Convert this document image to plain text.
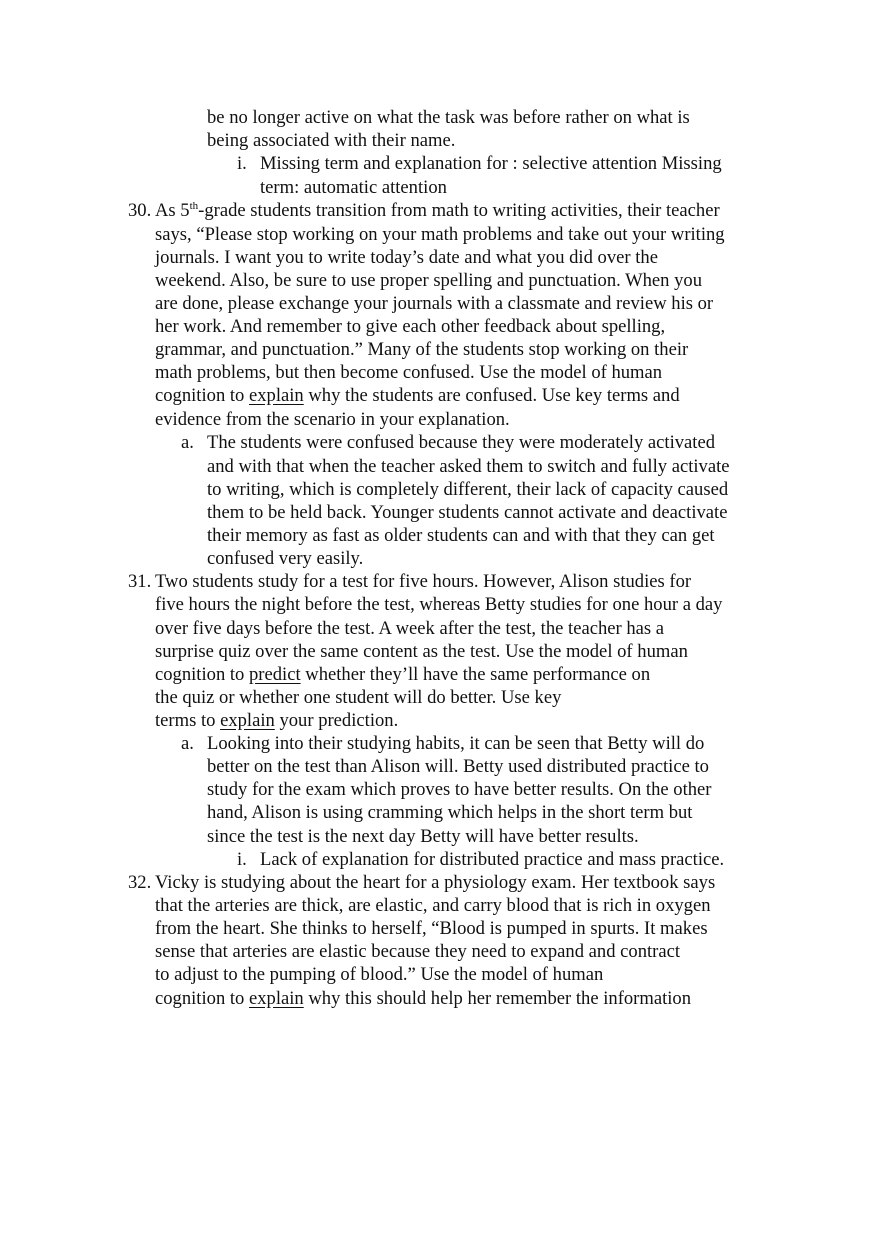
be no longer active on what the task was before rather on what is
being associated with their name.
i. Missing term and explanation for : selective attention Missing
term: automatic attention
30. As 5th-grade students transition from math to writing activities, their teacher
says, “Please stop working on your math problems and take out your writing
journals. I want you to write today’s date and what you did over the
weekend. Also, be sure to use proper spelling and punctuation. When you
are done, please exchange your journals with a classmate and review his or
her work. And remember to give each other feedback about spelling,
grammar, and punctuation.” Many of the students stop working on their
math problems, but then become confused. Use the model of human
cognition to explain why the students are confused. Use key terms and
evidence from the scenario in your explanation.
a. The students were confused because they were moderately activated
and with that when the teacher asked them to switch and fully activate
to writing, which is completely different, their lack of capacity caused
them to be held back. Younger students cannot activate and deactivate
their memory as fast as older students can and with that they can get
confused very easily.
31. Two students study for a test for five hours. However, Alison studies for
five hours the night before the test, whereas Betty studies for one hour a day
over five days before the test. A week after the test, the teacher has a
surprise quiz over the same content as the test. Use the model of human
cognition to predict whether they’ll have the same performance on
the quiz or whether one student will do better. Use key
terms to explain your prediction.
a. Looking into their studying habits, it can be seen that Betty will do
better on the test than Alison will. Betty used distributed practice to
study for the exam which proves to have better results. On the other
hand, Alison is using cramming which helps in the short term but
since the test is the next day Betty will have better results.
i. Lack of explanation for distributed practice and mass practice.
32. Vicky is studying about the heart for a physiology exam. Her textbook says
that the arteries are thick, are elastic, and carry blood that is rich in oxygen
from the heart. She thinks to herself, “Blood is pumped in spurts. It makes
sense that arteries are elastic because they need to expand and contract
to adjust to the pumping of blood.” Use the model of human
cognition to explain why this should help her remember the information
